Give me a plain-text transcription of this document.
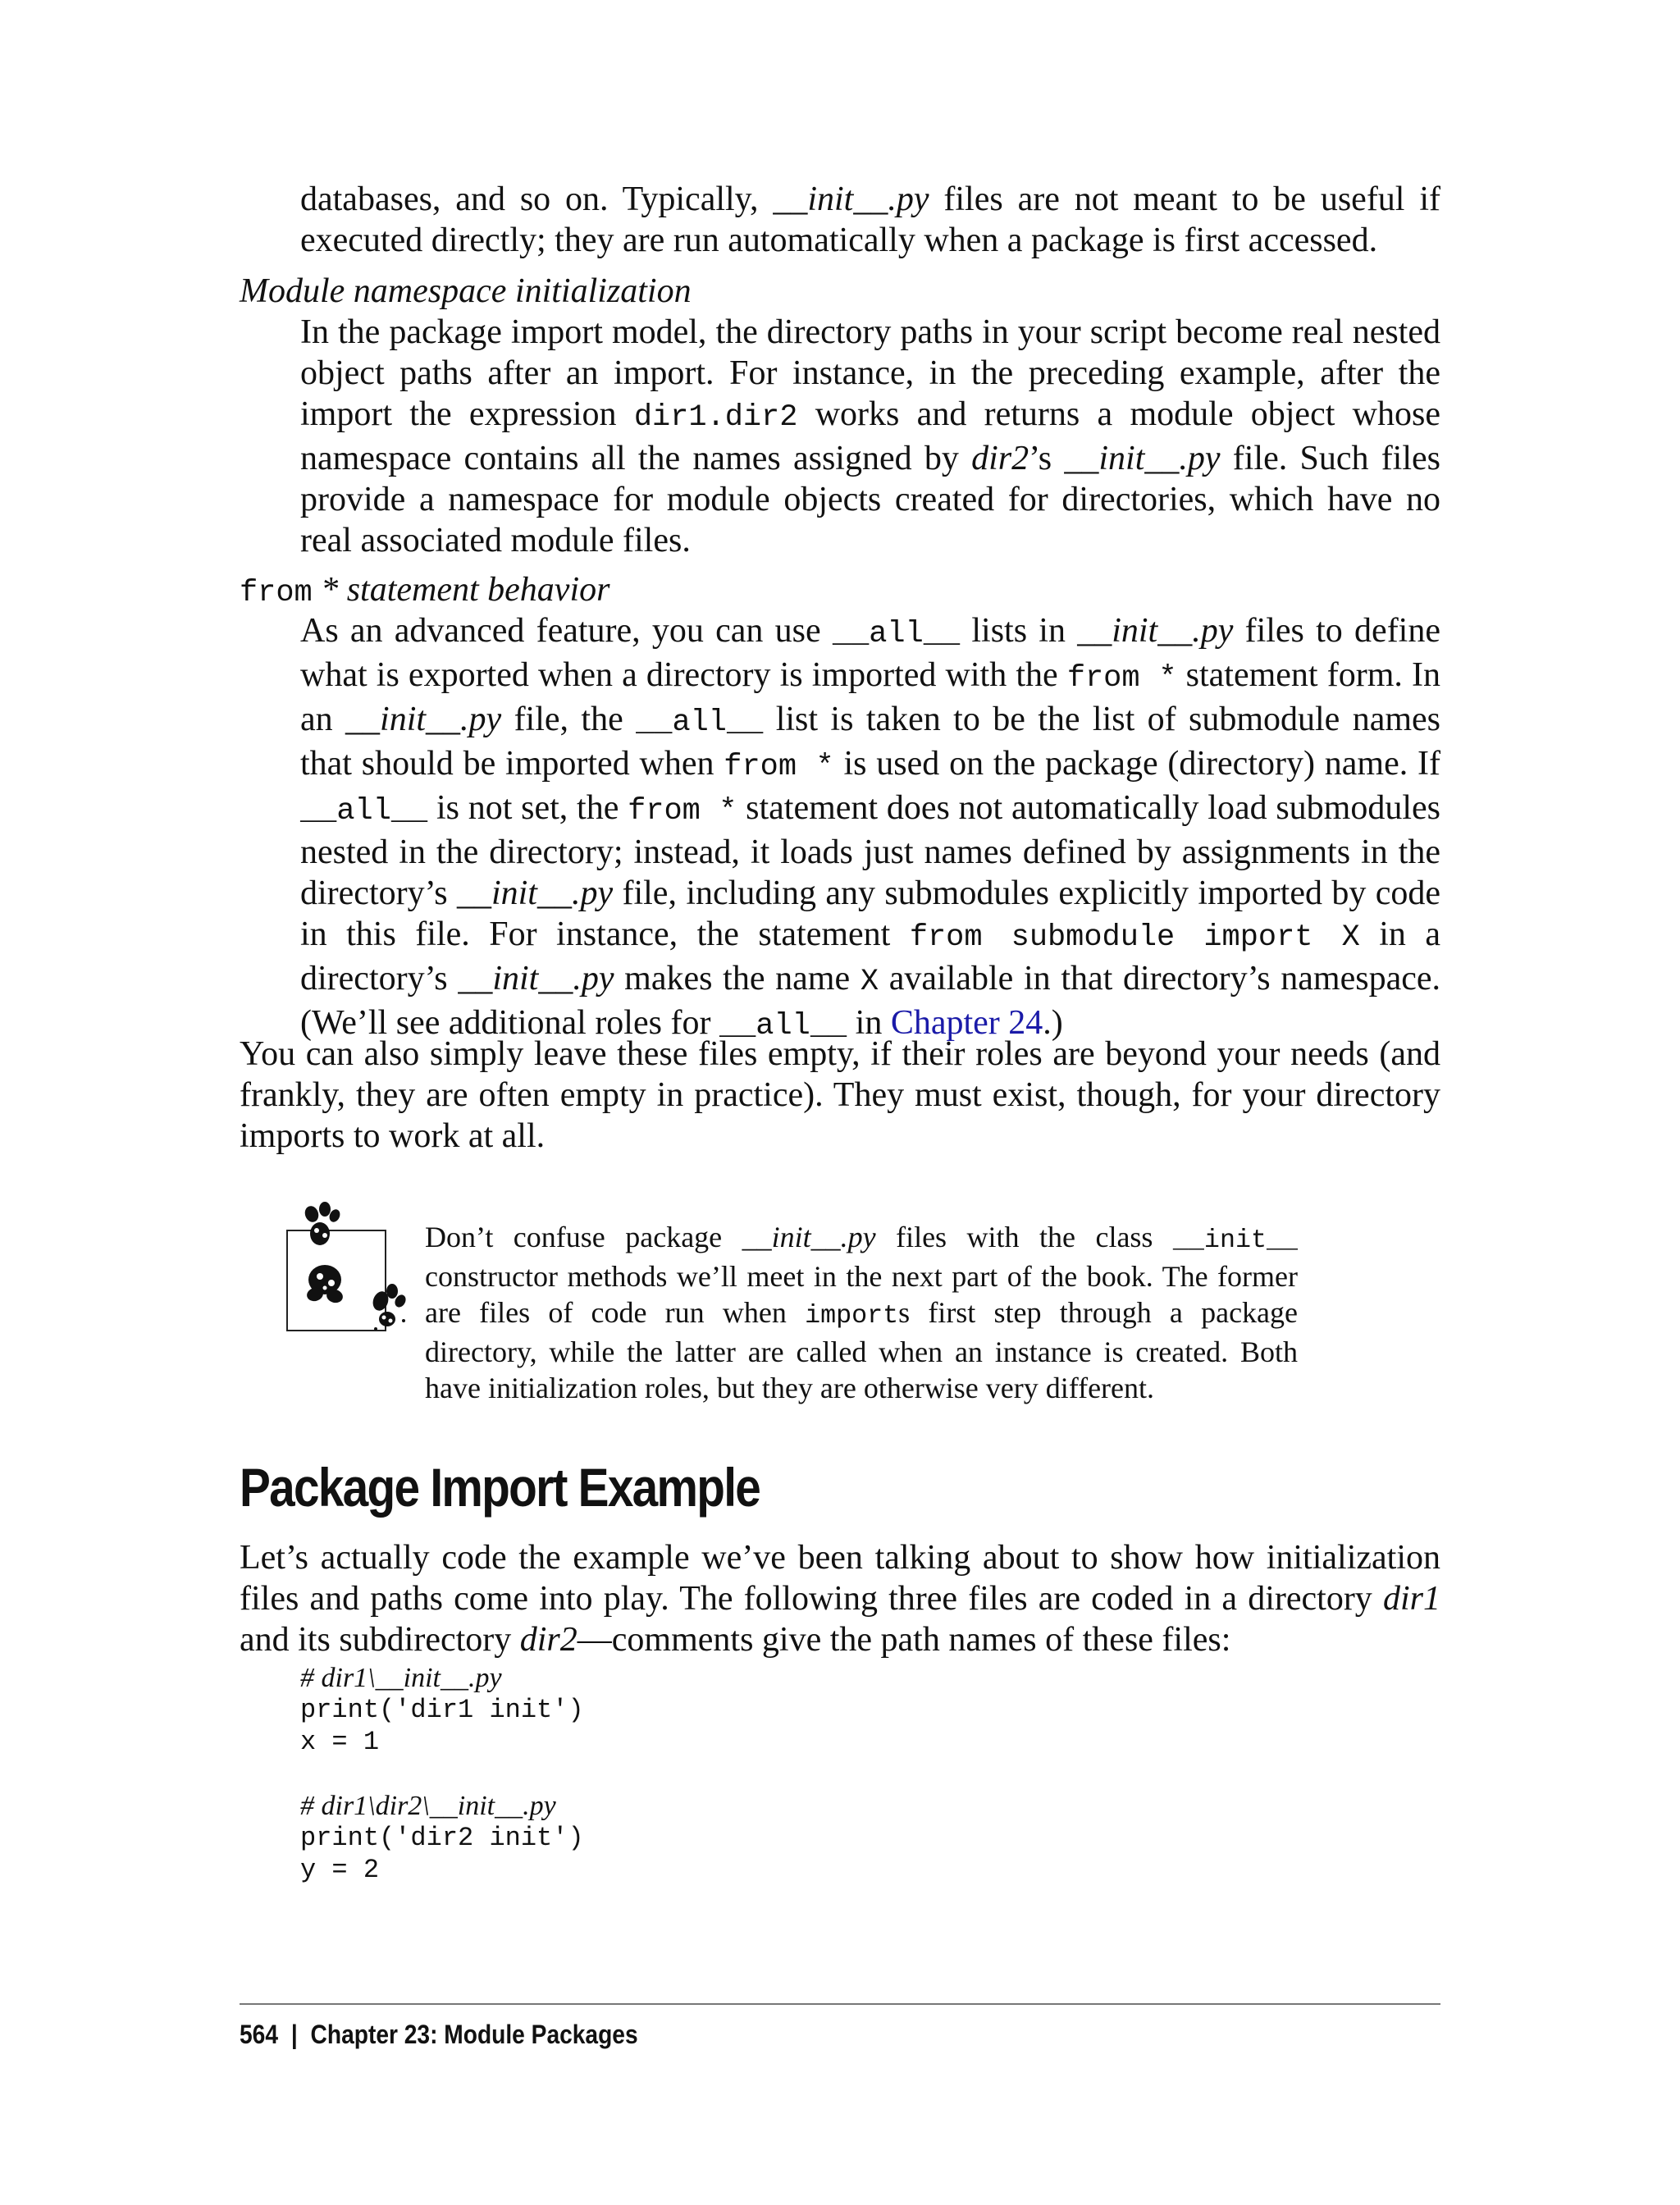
databases, and so on. Typically, __init__.py files are not meant to be useful if executed directly; they are run automatically when a package is first accessed.

Module namespace initialization

In the package import model, the directory paths in your script become real nested object paths after an import. For instance, in the preceding example, after the import the expression dir1.dir2 works and returns a module object whose namespace contains all the names assigned by dir2’s __init__.py file. Such files provide a namespace for module objects created for directories, which have no real associated module files.

from * statement behavior

As an advanced feature, you can use __all__ lists in __init__.py files to define what is exported when a directory is imported with the from * statement form. In an __init__.py file, the __all__ list is taken to be the list of submodule names that should be imported when from * is used on the package (directory) name. If __all__ is not set, the from * statement does not automatically load submodules nested in the directory; instead, it loads just names defined by assignments in the directory’s __init__.py file, including any submodules explicitly imported by code in this file. For instance, the statement from submodule import X in a directory’s __init__.py makes the name X available in that directory’s namespace. (We’ll see additional roles for __all__ in Chapter 24.)

You can also simply leave these files empty, if their roles are beyond your needs (and frankly, they are often empty in practice). They must exist, though, for your directory imports to work at all.

Don’t confuse package __init__.py files with the class __init__ constructor methods we’ll meet in the next part of the book. The former are files of code run when imports first step through a package directory, while the latter are called when an instance is created. Both have initialization roles, but they are otherwise very different.

Package Import Example

Let’s actually code the example we’ve been talking about to show how initialization files and paths come into play. The following three files are coded in a directory dir1 and its subdirectory dir2—comments give the path names of these files:

# dir1\__init__.py
print('dir1 init')
x = 1

# dir1\dir2\__init__.py
print('dir2 init')
y = 2
564 | Chapter 23: Module Packages
